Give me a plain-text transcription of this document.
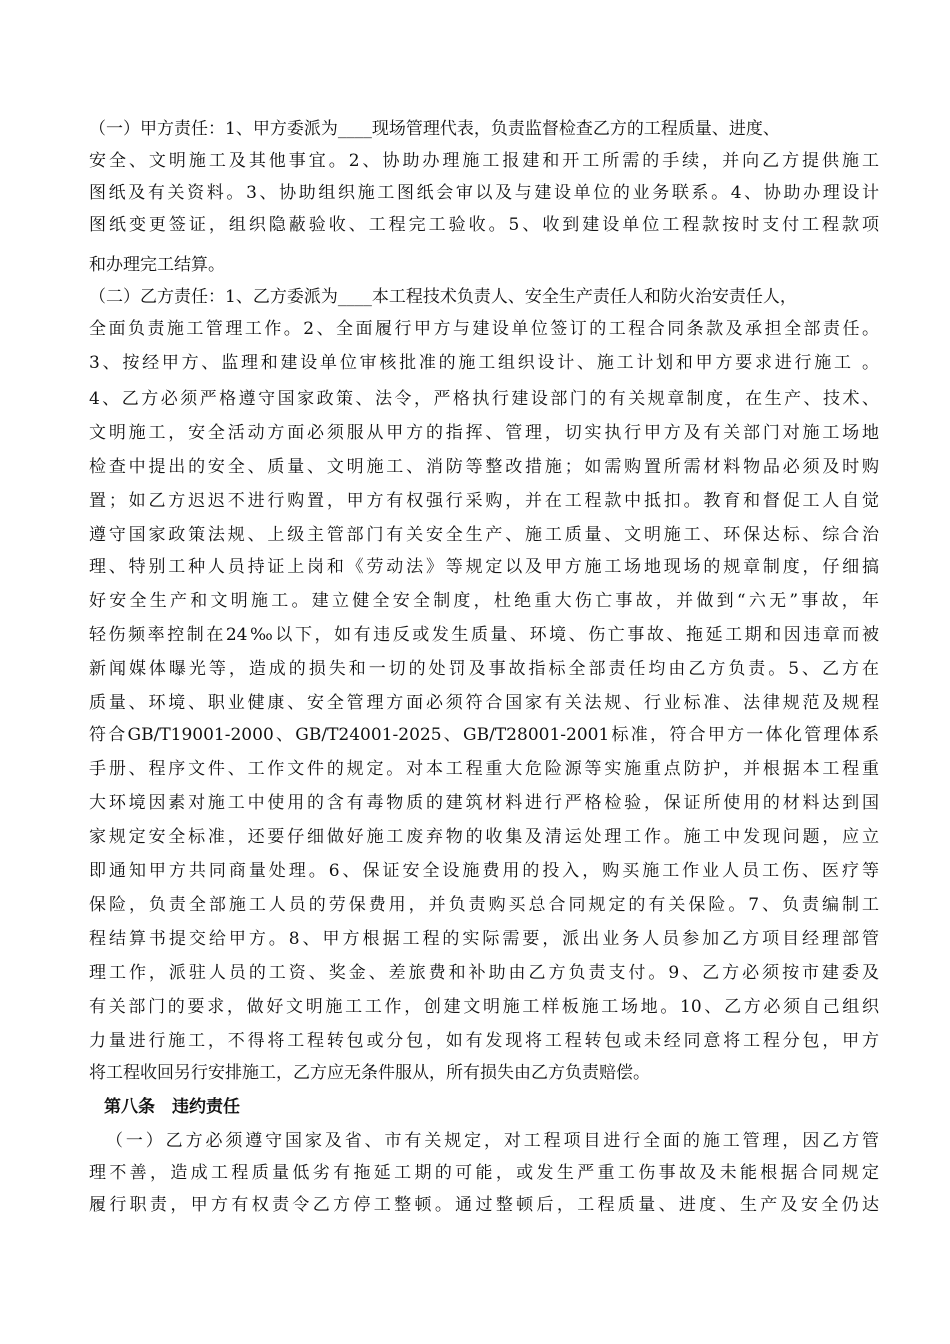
（一）甲方责任：1、甲方委派为____现场管理代表，负责监督检查乙方的工程质量、进度、
安全、文明施工及其他事宜。2、协助办理施工报建和开工所需的手续，并向乙方提供施工
图纸及有关资料。3、协助组织施工图纸会审以及与建设单位的业务联系。4、协助办理设计
图纸变更签证，组织隐蔽验收、工程完工验收。5、收到建设单位工程款按时支付工程款项
和办理完工结算。
（二）乙方责任：1、乙方委派为____本工程技术负责人、安全生产责任人和防火治安责任人，
全面负责施工管理工作。2、全面履行甲方与建设单位签订的工程合同条款及承担全部责任。
3、按经甲方、监理和建设单位审核批准的施工组织设计、施工计划和甲方要求进行施工 。
4、乙方必须严格遵守国家政策、法令，严格执行建设部门的有关规章制度，在生产、技术、
文明施工，安全活动方面必须服从甲方的指挥、管理，切实执行甲方及有关部门对施工场地
检查中提出的安全、质量、文明施工、消防等整改措施；如需购置所需材料物品必须及时购
置；如乙方迟迟不进行购置，甲方有权强行采购，并在工程款中抵扣。教育和督促工人自觉
遵守国家政策法规、上级主管部门有关安全生产、施工质量、文明施工、环保达标、综合治
理、特别工种人员持证上岗和《劳动法》等规定以及甲方施工场地现场的规章制度，仔细搞
好安全生产和文明施工。建立健全安全制度，杜绝重大伤亡事故，并做到“六无”事故，年
轻伤频率控制在24‰以下，如有违反或发生质量、环境、伤亡事故、拖延工期和因违章而被
新闻媒体曝光等，造成的损失和一切的处罚及事故指标全部责任均由乙方负责。5、乙方在
质量、环境、职业健康、安全管理方面必须符合国家有关法规、行业标准、法律规范及规程
符合GB/T19001-2000、GB/T24001-2025、GB/T28001-2001标准，符合甲方一体化管理体系
手册、程序文件、工作文件的规定。对本工程重大危险源等实施重点防护，并根据本工程重
大环境因素对施工中使用的含有毒物质的建筑材料进行严格检验，保证所使用的材料达到国
家规定安全标准，还要仔细做好施工废弃物的收集及清运处理工作。施工中发现问题，应立
即通知甲方共同商量处理。6、保证安全设施费用的投入，购买施工作业人员工伤、医疗等
保险，负责全部施工人员的劳保费用，并负责购买总合同规定的有关保险。7、负责编制工
程结算书提交给甲方。8、甲方根据工程的实际需要，派出业务人员参加乙方项目经理部管
理工作，派驻人员的工资、奖金、差旅费和补助由乙方负责支付。9、乙方必须按市建委及
有关部门的要求，做好文明施工工作，创建文明施工样板施工场地。10、乙方必须自己组织
力量进行施工，不得将工程转包或分包，如有发现将工程转包或未经同意将工程分包，甲方
将工程收回另行安排施工，乙方应无条件服从，所有损失由乙方负责赔偿。
第八条　违约责任
（一）乙方必须遵守国家及省、市有关规定，对工程项目进行全面的施工管理，因乙方管
理不善，造成工程质量低劣有拖延工期的可能，或发生严重工伤事故及未能根据合同规定
履行职责，甲方有权责令乙方停工整顿。通过整顿后，工程质量、进度、生产及安全仍达
